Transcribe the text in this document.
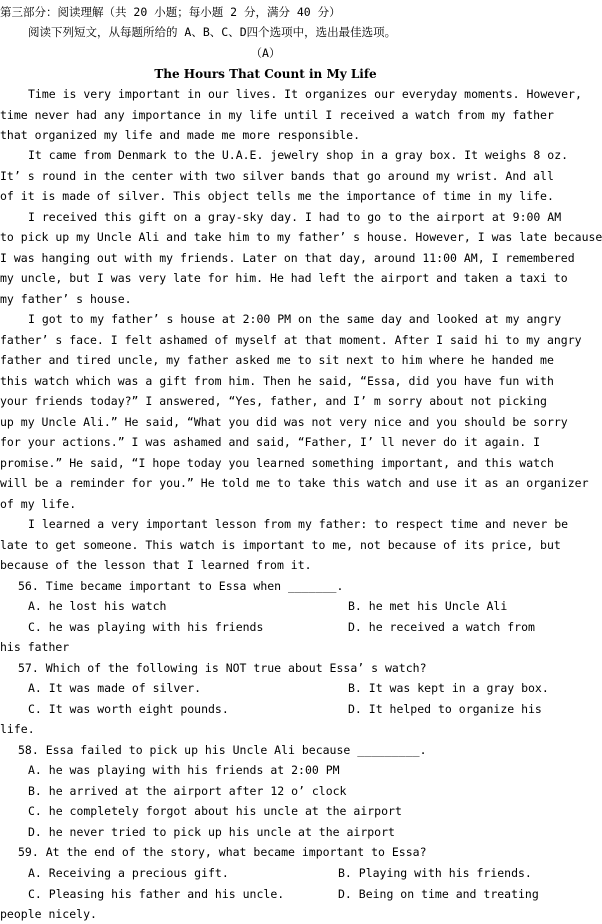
第三部分：阅读理解（共 20 小题；每小题 2 分，满分 40 分）
阅读下列短文，从每题所给的 A、B、C、D四个选项中，选出最佳选项。
（A）
The Hours That Count in My Life
Time is very important in our lives. It organizes our everyday moments. However,
time never had any importance in my life until I received a watch from my father
that organized my life and made me more responsible.
It came from Denmark to the U.A.E. jewelry shop in a gray box. It weighs 8 oz.
It’ s round in the center with two silver bands that go around my wrist. And all
of it is made of silver. This object tells me the importance of time in my life.
I received this gift on a gray-sky day. I had to go to the airport at 9:00 AM
to pick up my Uncle Ali and take him to my father’ s house. However, I was late because
I was hanging out with my friends. Later on that day, around 11:00 AM, I remembered
my uncle, but I was very late for him. He had left the airport and taken a taxi to
my father’ s house.
I got to my father’ s house at 2:00 PM on the same day and looked at my angry
father’ s face. I felt ashamed of myself at that moment. After I said hi to my angry
father and tired uncle, my father asked me to sit next to him where he handed me
this watch which was a gift from him. Then he said, “Essa, did you have fun with
your friends today?” I answered, “Yes, father, and I’ m sorry about not picking
up my Uncle Ali.” He said, “What you did was not very nice and you should be sorry
for your actions.” I was ashamed and said, “Father, I’ ll never do it again. I
promise.” He said, “I hope today you learned something important, and this watch
will be a reminder for you.” He told me to take this watch and use it as an organizer
of my life.
I learned a very important lesson from my father: to respect time and never be
late to get someone. This watch is important to me, not because of its price, but
because of the lesson that I learned from it.
56. Time became important to Essa when _______.
A. he lost his watch	B. he met his Uncle Ali
C. he was playing with his friends	D. he received a watch from
his father
57. Which of the following is NOT true about Essa’ s watch?
A. It was made of silver.	B. It was kept in a gray box.
C. It was worth eight pounds.	D. It helped to organize his
life.
58. Essa failed to pick up his Uncle Ali because _________.
A. he was playing with his friends at 2:00 PM
B. he arrived at the airport after 12 o’ clock
C. he completely forgot about his uncle at the airport
D. he never tried to pick up his uncle at the airport
59. At the end of the story, what became important to Essa?
A. Receiving a precious gift.	B. Playing with his friends.
C. Pleasing his father and his uncle.	D. Being on time and treating
people nicely.
